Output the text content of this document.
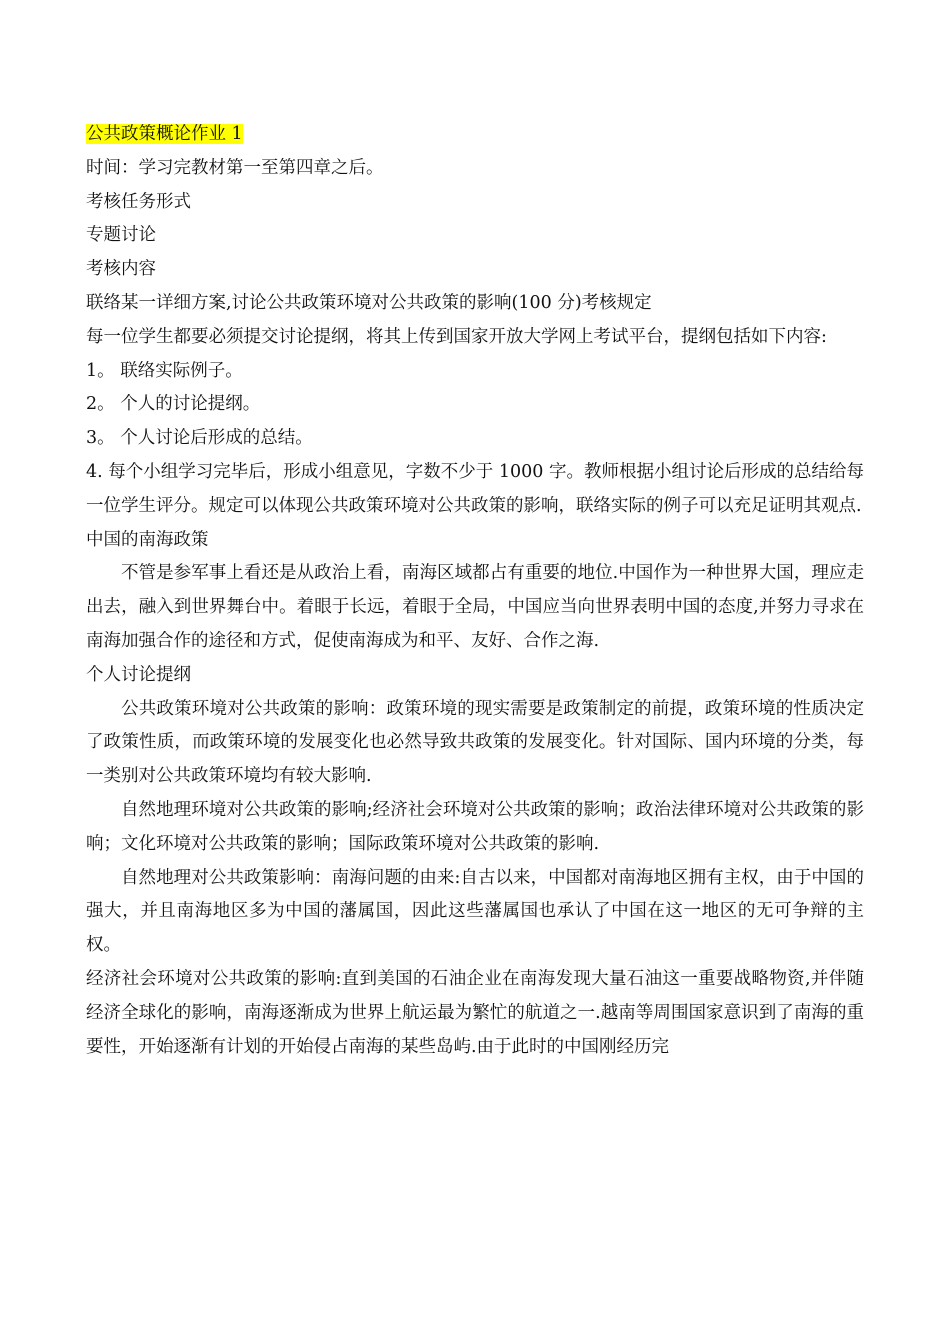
公共政策概论作业 1

时间：学习完教材第一至第四章之后。

考核任务形式

专题讨论

考核内容

联络某一详细方案,讨论公共政策环境对公共政策的影响(100 分)考核规定

每一位学生都要必须提交讨论提纲，将其上传到国家开放大学网上考试平台，提纲包括如下内容:

1。 联络实际例子。

2。 个人的讨论提纲。

3。 个人讨论后形成的总结。

4. 每个小组学习完毕后，形成小组意见，字数不少于 1000 字。教师根据小组讨论后形成的总结给每一位学生评分。规定可以体现公共政策环境对公共政策的影响，联络实际的例子可以充足证明其观点.

中国的南海政策

不管是参军事上看还是从政治上看，南海区域都占有重要的地位.中国作为一种世界大国，理应走出去，融入到世界舞台中。着眼于长远，着眼于全局，中国应当向世界表明中国的态度,并努力寻求在南海加强合作的途径和方式，促使南海成为和平、友好、合作之海.

个人讨论提纲

公共政策环境对公共政策的影响：政策环境的现实需要是政策制定的前提，政策环境的性质决定了政策性质，而政策环境的发展变化也必然导致共政策的发展变化。针对国际、国内环境的分类，每一类别对公共政策环境均有较大影响.

自然地理环境对公共政策的影响;经济社会环境对公共政策的影响；政治法律环境对公共政策的影响；文化环境对公共政策的影响；国际政策环境对公共政策的影响.

自然地理对公共政策影响：南海问题的由来:自古以来，中国都对南海地区拥有主权，由于中国的强大，并且南海地区多为中国的藩属国，因此这些藩属国也承认了中国在这一地区的无可争辩的主权。

经济社会环境对公共政策的影响:直到美国的石油企业在南海发现大量石油这一重要战略物资,并伴随经济全球化的影响，南海逐渐成为世界上航运最为繁忙的航道之一.越南等周围国家意识到了南海的重要性，开始逐渐有计划的开始侵占南海的某些岛屿.由于此时的中国刚经历完
